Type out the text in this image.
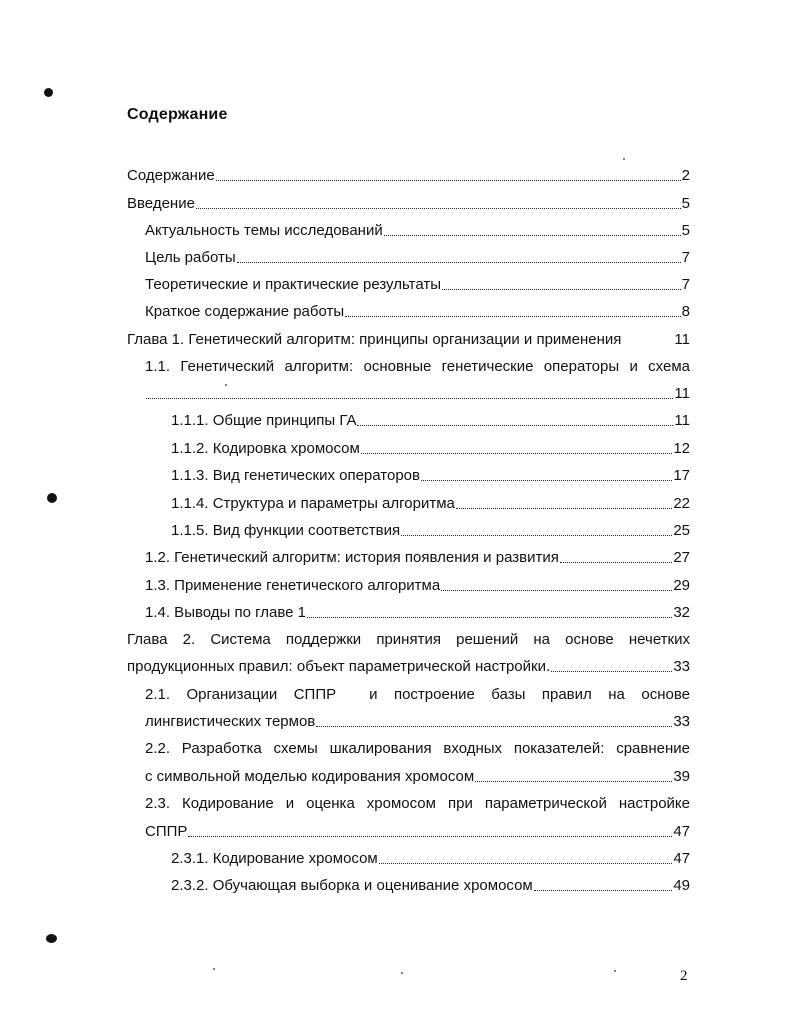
Содержание
Содержание	2
Введение	5
Актуальность темы исследований	5
Цель работы	7
Теоретические и практические результаты	7
Краткое содержание работы	8
Глава 1. Генетический алгоритм: принципы организации и применения	11
1.1. Генетический алгоритм: основные генетические операторы и схема
11
1.1.1. Общие принципы ГА	11
1.1.2. Кодировка хромосом	12
1.1.3. Вид генетических операторов	17
1.1.4. Структура и параметры алгоритма	22
1.1.5. Вид функции соответствия	25
1.2. Генетический алгоритм: история появления и развития	27
1.3. Применение генетического алгоритма	29
1.4. Выводы по главе 1	32
Глава 2. Система поддержки принятия решений на основе нечетких
продукционных правил: объект параметрической настройки.	33
2.1. Организации СППР  и построение базы правил на основе
лингвистических термов	33
2.2. Разработка схемы шкалирования входных показателей: сравнение
с символьной моделью кодирования хромосом	39
2.3. Кодирование и оценка хромосом при параметрической настройке
СППР	47
2.3.1. Кодирование хромосом	47
2.3.2. Обучающая выборка и оценивание хромосом	49
2
